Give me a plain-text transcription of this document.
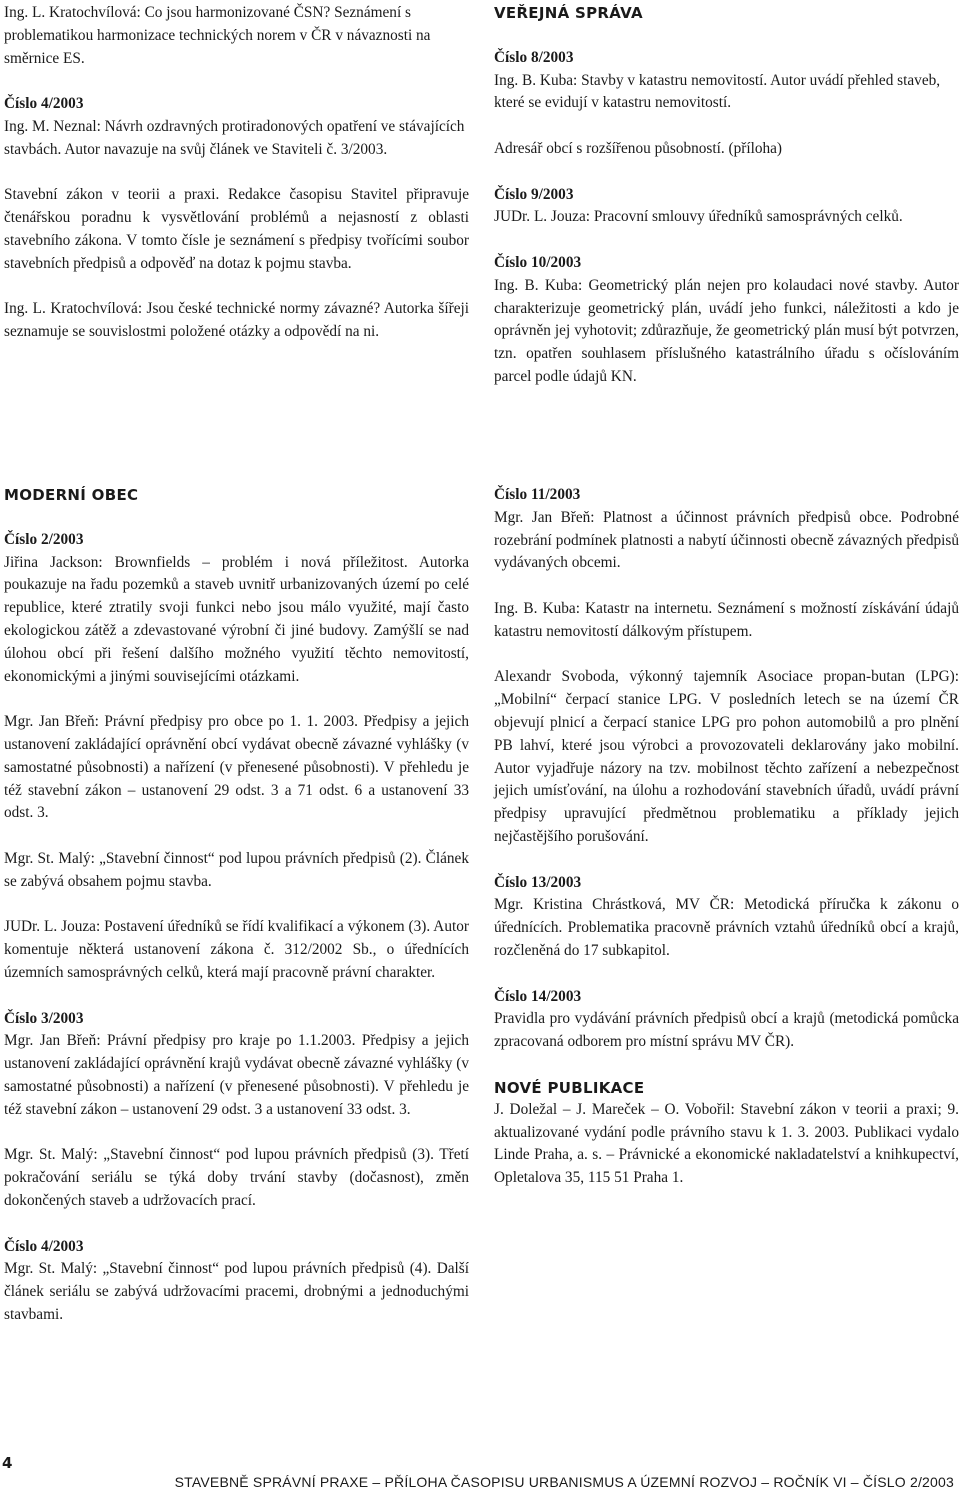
Ing. L. Kratochvílová: Co jsou harmonizované ČSN? Seznámení s problematikou harmonizace technických norem v ČR v návaznosti na směrnice ES.

Číslo 4/2003

Ing. M. Neznal: Návrh ozdravných protiradonových opatření ve stávajících stavbách. Autor navazuje na svůj článek ve Staviteli č. 3/2003.

Stavební zákon v teorii a praxi. Redakce časopisu Stavitel připravuje čtenářskou poradnu k vysvětlování problémů a nejasností z oblasti stavebního zákona. V tomto čísle je seznámení s předpisy tvořícími soubor stavebních předpisů a odpověď na dotaz k pojmu stavba.

Ing. L. Kratochvílová: Jsou české technické normy závazné? Autorka šířeji seznamuje se souvislostmi položené otázky a odpovědí na ni.

VEŘEJNÁ SPRÁVA

Číslo 8/2003

Ing. B. Kuba: Stavby v katastru nemovitostí. Autor uvádí přehled staveb, které se evidují v katastru nemovitostí.

Adresář obcí s rozšířenou působností. (příloha)

Číslo 9/2003

JUDr. L. Jouza: Pracovní smlouvy úředníků samosprávných celků.

Číslo 10/2003

Ing. B. Kuba: Geometrický plán nejen pro kolaudaci nové stavby. Autor charakterizuje geometrický plán, uvádí jeho funkci, náležitosti a kdo je oprávněn jej vyhotovit; zdůrazňuje, že geometrický plán musí být potvrzen, tzn. opatřen souhlasem příslušného katastrálního úřadu s očíslováním parcel podle údajů KN.

MODERNÍ OBEC

Číslo 2/2003

Jiřina Jackson: Brownfields – problém i nová příležitost. Autorka poukazuje na řadu pozemků a staveb uvnitř urbanizovaných území po celé republice, které ztratily svoji funkci nebo jsou málo využité, mají často ekologickou zátěž a zdevastované výrobní či jiné budovy. Zamýšlí se nad úlohou obcí při řešení dalšího možného využití těchto nemovitostí, ekonomickými a jinými souvisejícími otázkami.

Mgr. Jan Břeň: Právní předpisy pro obce po 1. 1. 2003. Předpisy a jejich ustanovení zakládající oprávnění obcí vydávat obecně závazné vyhlášky (v samostatné působnosti) a nařízení (v přenesené působnosti). V přehledu je též stavební zákon – ustanovení 29 odst. 3 a 71 odst. 6 a ustanovení 33 odst. 3.

Mgr. St. Malý: „Stavební činnost“ pod lupou právních předpisů (2). Článek se zabývá obsahem pojmu stavba.

JUDr. L. Jouza: Postavení úředníků se řídí kvalifikací a výkonem (3). Autor komentuje některá ustanovení zákona č. 312/2002 Sb., o úřednících územních samosprávných celků, která mají pracovně právní charakter.

Číslo 3/2003

Mgr. Jan Břeň: Právní předpisy pro kraje po 1.1.2003. Předpisy a jejich ustanovení zakládající oprávnění krajů vydávat obecně závazné vyhlášky (v samostatné působnosti) a nařízení (v přenesené působnosti). V přehledu je též stavební zákon – ustanovení 29 odst. 3 a ustanovení 33 odst. 3.

Mgr. St. Malý: „Stavební činnost“ pod lupou právních předpisů (3). Třetí pokračování seriálu se týká doby trvání stavby (dočasnost), změn dokončených staveb a udržovacích prací.

Číslo 4/2003

Mgr. St. Malý: „Stavební činnost“ pod lupou právních předpisů (4). Další článek seriálu se zabývá udržovacími pracemi, drobnými a jednoduchými stavbami.

Číslo 11/2003

Mgr. Jan Břeň: Platnost a účinnost právních předpisů obce. Podrobné rozebrání podmínek platnosti a nabytí účinnosti obecně závazných předpisů vydávaných obcemi.

Ing. B. Kuba: Katastr na internetu. Seznámení s možností získávání údajů katastru nemovitostí dálkovým přístupem.

Alexandr Svoboda, výkonný tajemník Asociace propan-butan (LPG): „Mobilní“ čerpací stanice LPG. V posledních letech se na území ČR objevují plnicí a čerpací stanice LPG pro pohon automobilů a pro plnění PB lahví, které jsou výrobci a provozovateli deklarovány jako mobilní. Autor vyjadřuje názory na tzv. mobilnost těchto zařízení a nebezpečnost jejich umísťování, na úlohu a rozhodování stavebních úřadů, uvádí právní předpisy upravující předmětnou problematiku a příklady jejich nejčastějšího porušování.

Číslo 13/2003

Mgr. Kristina Chrástková, MV ČR: Metodická příručka k zákonu o úřednících. Problematika pracovně právních vztahů úředníků obcí a krajů, rozčleněná do 17 subkapitol.

Číslo 14/2003

Pravidla pro vydávání právních předpisů obcí a krajů (metodická pomůcka zpracovaná odborem pro místní správu MV ČR).

NOVÉ PUBLIKACE

J. Doležal – J. Mareček – O. Vobořil: Stavební zákon v teorii a praxi; 9. aktualizované vydání podle právního stavu k 1. 3. 2003. Publikaci vydalo Linde Praha, a. s. – Právnické a ekonomické nakladatelství a knihkupectví, Opletalova 35, 115 51 Praha 1.

4
STAVEBNĚ SPRÁVNÍ PRAXE – PŘÍLOHA ČASOPISU URBANISMUS A ÚZEMNÍ ROZVOJ – ROČNÍK VI – ČÍSLO 2/2003
